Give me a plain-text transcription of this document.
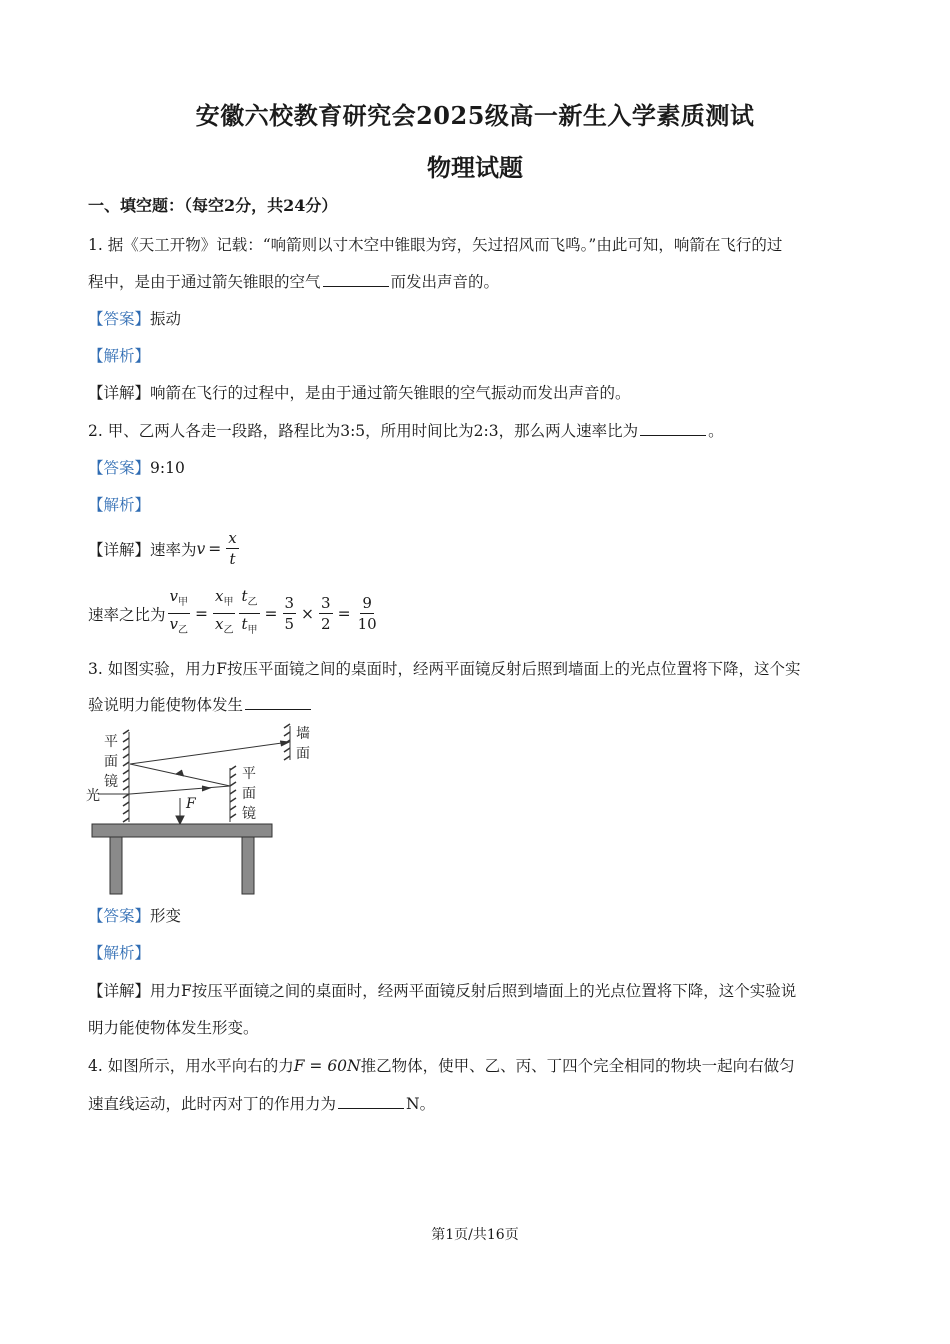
安徽六校教育研究会2025级高一新生入学素质测试
物理试题
一、填空题：（每空2分，共24分）
1. 据《天工开物》记载：“响箭则以寸木空中锥眼为窍，矢过招风而飞鸣。”由此可知，响箭在飞行的过
程中，是由于通过箭矢锥眼的空气	而发出声音的。
【答案】振动
【解析】
【详解】响箭在飞行的过程中，是由于通过箭矢锥眼的空气振动而发出声音的。
2. 甲、乙两人各走一段路，路程比为3:5，所用时间比为2:3，那么两人速率比为	。
【答案】9:10
【解析】
【详解】 速率为 $v = \frac{x}{t}$
速率之比为 $\frac{v_甲}{v_乙} = \frac{x_甲}{x_乙} \frac{t_乙}{t_甲} = \frac{3}{5} \times \frac{3}{2} = \frac{9}{10}$
3. 如图实验，用力F按压平面镜之间的桌面时，经两平面镜反射后照到墙面上的光点位置将下降，这个实
验说明力能使物体发生
平
面
镜
光
墙
面
平
面
镜
F
【答案】形变
【解析】
【详解】用力F按压平面镜之间的桌面时，经两平面镜反射后照到墙面上的光点位置将下降，这个实验说
明力能使物体发生形变。
4. 如图所示，用水平向右的力F = 60N推乙物体，使甲、乙、丙、丁四个完全相同的物块一起向右做匀
速直线运动，此时丙对丁的作用力为	N。
第1页/共16页
